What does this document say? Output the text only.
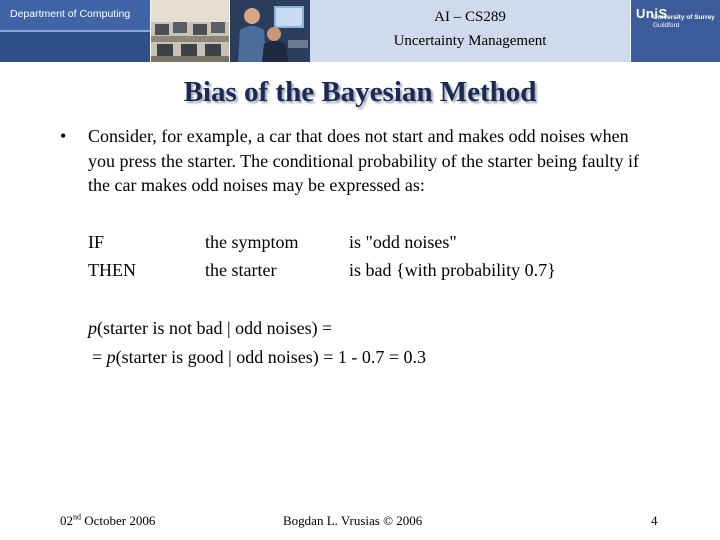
Department of Computing	AI – CS289
Uncertainty Management
UniS
University of Surrey
Guildford
Bias of the Bayesian Method
• Consider, for example, a car that does not start and makes odd noises when you press the starter. The conditional probability of the starter being faulty if the car makes odd noises may be expressed as:
IF	the symptom	is "odd noises"
THEN	the starter	is bad {with probability 0.7}
p(starter is not bad | odd noises) =
= p(starter is good | odd noises) = 1 - 0.7 = 0.3
02nd October 2006	Bogdan L. Vrusias © 2006	4
